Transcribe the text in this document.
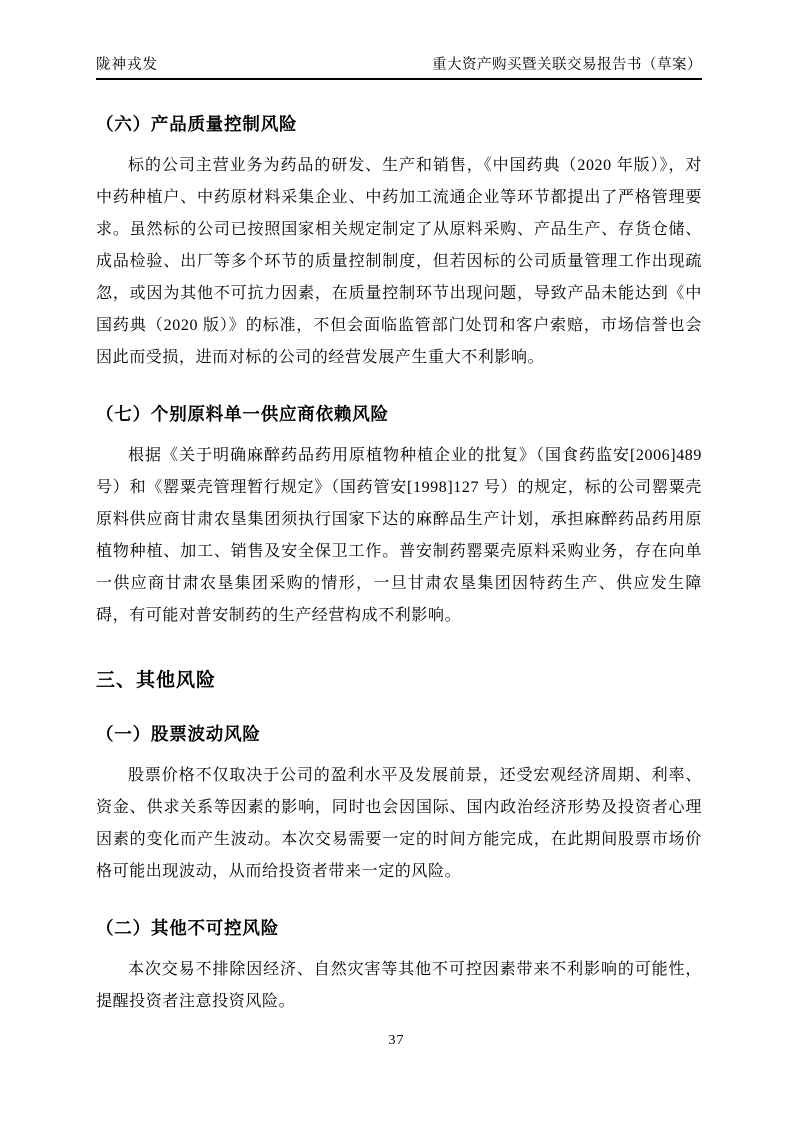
陇神戎发	重大资产购买暨关联交易报告书（草案）
（六）产品质量控制风险

标的公司主营业务为药品的研发、生产和销售，《中国药典（2020 年版）》，对中药种植户、中药原材料采集企业、中药加工流通企业等环节都提出了严格管理要求。虽然标的公司已按照国家相关规定制定了从原料采购、产品生产、存货仓储、成品检验、出厂等多个环节的质量控制制度，但若因标的公司质量管理工作出现疏忽，或因为其他不可抗力因素，在质量控制环节出现问题，导致产品未能达到《中国药典（2020 版）》的标准，不但会面临监管部门处罚和客户索赔，市场信誉也会因此而受损，进而对标的公司的经营发展产生重大不利影响。

（七）个别原料单一供应商依赖风险

根据《关于明确麻醉药品药用原植物种植企业的批复》（国食药监安[2006]489 号）和《罂粟壳管理暂行规定》（国药管安[1998]127 号）的规定，标的公司罂粟壳原料供应商甘肃农垦集团须执行国家下达的麻醉品生产计划，承担麻醉药品药用原植物种植、加工、销售及安全保卫工作。普安制药罂粟壳原料采购业务，存在向单一供应商甘肃农垦集团采购的情形，一旦甘肃农垦集团因特药生产、供应发生障碍，有可能对普安制药的生产经营构成不利影响。

三、其他风险
（一）股票波动风险

股票价格不仅取决于公司的盈利水平及发展前景，还受宏观经济周期、利率、资金、供求关系等因素的影响，同时也会因国际、国内政治经济形势及投资者心理因素的变化而产生波动。本次交易需要一定的时间方能完成，在此期间股票市场价格可能出现波动，从而给投资者带来一定的风险。

（二）其他不可控风险

本次交易不排除因经济、自然灾害等其他不可控因素带来不利影响的可能性，提醒投资者注意投资风险。

37
